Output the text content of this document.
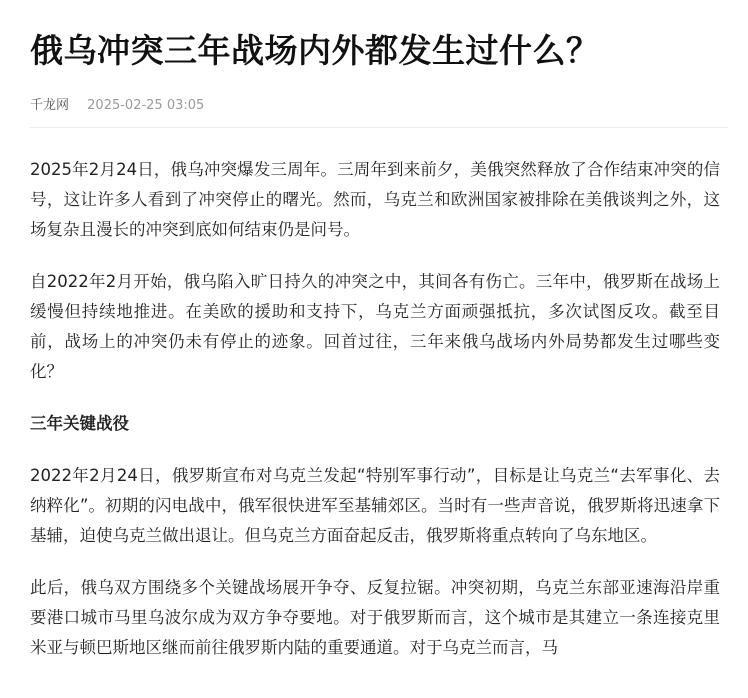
俄乌冲突三年战场内外都发生过什么？
千龙网 2025-02-25 03:05

2025年2月24日，俄乌冲突爆发三周年。三周年到来前夕，美俄突然释放了合作结束冲突的信号，这让许多人看到了冲突停止的曙光。然而，乌克兰和欧洲国家被排除在美俄谈判之外，这场复杂且漫长的冲突到底如何结束仍是问号。

自2022年2月开始，俄乌陷入旷日持久的冲突之中，其间各有伤亡。三年中，俄罗斯在战场上缓慢但持续地推进。在美欧的援助和支持下，乌克兰方面顽强抵抗，多次试图反攻。截至目前，战场上的冲突仍未有停止的迹象。回首过往，三年来俄乌战场内外局势都发生过哪些变化？

三年关键战役

2022年2月24日，俄罗斯宣布对乌克兰发起“特别军事行动”，目标是让乌克兰“去军事化、去纳粹化”。初期的闪电战中，俄军很快进军至基辅郊区。当时有一些声音说，俄罗斯将迅速拿下基辅，迫使乌克兰做出退让。但乌克兰方面奋起反击，俄罗斯将重点转向了乌东地区。

此后，俄乌双方围绕多个关键战场展开争夺、反复拉锯。冲突初期，乌克兰东部亚速海沿岸重要港口城市马里乌波尔成为双方争夺要地。对于俄罗斯而言，这个城市是其建立一条连接克里米亚与顿巴斯地区继而前往俄罗斯内陆的重要通道。对于乌克兰而言，马
